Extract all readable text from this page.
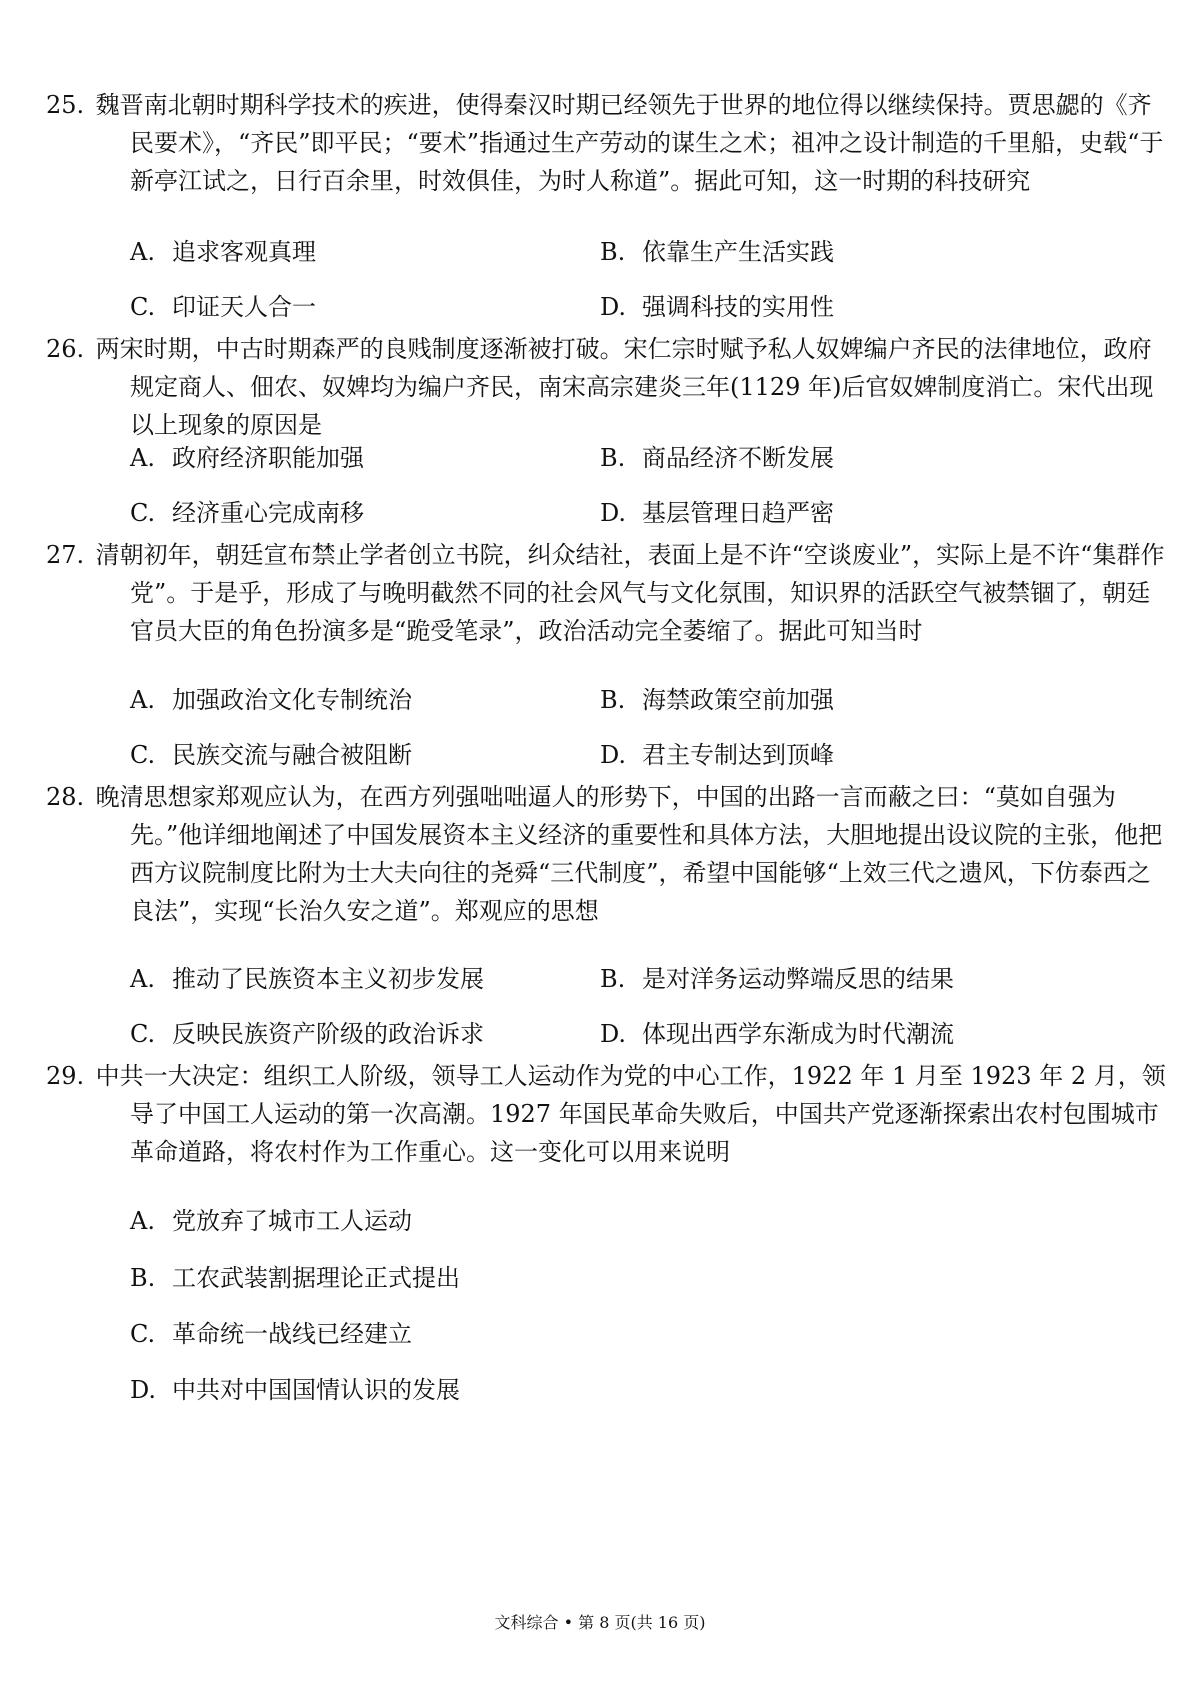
25. 魏晋南北朝时期科学技术的疾进，使得秦汉时期已经领先于世界的地位得以继续保持。贾思勰的《齐民要术》，“齐民”即平民；“要术”指通过生产劳动的谋生之术；祖冲之设计制造的千里船，史载“于新亭江试之，日行百余里，时效俱佳，为时人称道”。据此可知，这一时期的科技研究

A. 追求客观真理	B. 依靠生产生活实践
C. 印证天人合一	D. 强调科技的实用性

26. 两宋时期，中古时期森严的良贱制度逐渐被打破。宋仁宗时赋予私人奴婢编户齐民的法律地位，政府规定商人、佃农、奴婢均为编户齐民，南宋高宗建炎三年(1129 年)后官奴婢制度消亡。宋代出现以上现象的原因是

A. 政府经济职能加强	B. 商品经济不断发展
C. 经济重心完成南移	D. 基层管理日趋严密

27. 清朝初年，朝廷宣布禁止学者创立书院，纠众结社，表面上是不许“空谈废业”，实际上是不许“集群作党”。于是乎，形成了与晚明截然不同的社会风气与文化氛围，知识界的活跃空气被禁锢了，朝廷官员大臣的角色扮演多是“跪受笔录”，政治活动完全萎缩了。据此可知当时

A. 加强政治文化专制统治	B. 海禁政策空前加强
C. 民族交流与融合被阻断	D. 君主专制达到顶峰

28. 晚清思想家郑观应认为，在西方列强咄咄逼人的形势下，中国的出路一言而蔽之曰：“莫如自强为先。”他详细地阐述了中国发展资本主义经济的重要性和具体方法，大胆地提出设议院的主张，他把西方议院制度比附为士大夫向往的尧舜“三代制度”，希望中国能够“上效三代之遗风，下仿泰西之良法”，实现“长治久安之道”。郑观应的思想

A. 推动了民族资本主义初步发展	B. 是对洋务运动弊端反思的结果
C. 反映民族资产阶级的政治诉求	D. 体现出西学东渐成为时代潮流

29. 中共一大决定：组织工人阶级，领导工人运动作为党的中心工作，1922 年 1 月至 1923 年 2 月，领导了中国工人运动的第一次高潮。1927 年国民革命失败后，中国共产党逐渐探索出农村包围城市革命道路，将农村作为工作重心。这一变化可以用来说明

A. 党放弃了城市工人运动
B. 工农武装割据理论正式提出
C. 革命统一战线已经建立
D. 中共对中国国情认识的发展
文科综合 • 第 8 页(共 16 页)
